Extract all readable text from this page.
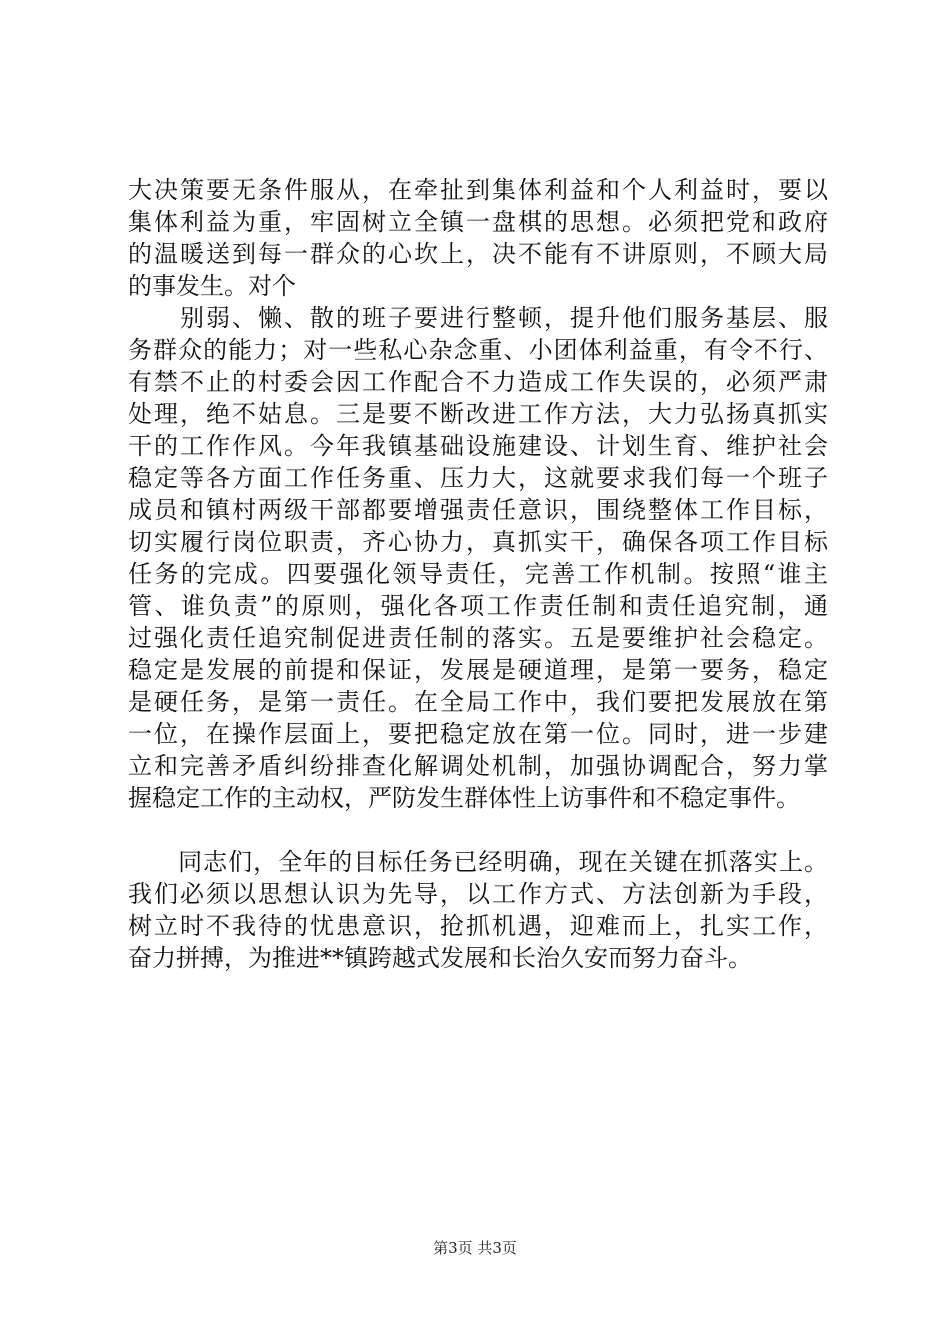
大决策要无条件服从，在牵扯到集体利益和个人利益时，要以
集体利益为重，牢固树立全镇一盘棋的思想。必须把党和政府
的温暖送到每一群众的心坎上，决不能有不讲原则，不顾大局
的事发生。对个
　　别弱、懒、散的班子要进行整顿，提升他们服务基层、服
务群众的能力；对一些私心杂念重、小团体利益重，有令不行、
有禁不止的村委会因工作配合不力造成工作失误的，必须严肃
处理，绝不姑息。三是要不断改进工作方法，大力弘扬真抓实
干的工作作风。今年我镇基础设施建设、计划生育、维护社会
稳定等各方面工作任务重、压力大，这就要求我们每一个班子
成员和镇村两级干部都要增强责任意识，围绕整体工作目标，
切实履行岗位职责，齐心协力，真抓实干，确保各项工作目标
任务的完成。四要强化领导责任，完善工作机制。按照“谁主
管、谁负责”的原则，强化各项工作责任制和责任追究制，通
过强化责任追究制促进责任制的落实。五是要维护社会稳定。
稳定是发展的前提和保证，发展是硬道理，是第一要务，稳定
是硬任务，是第一责任。在全局工作中，我们要把发展放在第
一位，在操作层面上，要把稳定放在第一位。同时，进一步建
立和完善矛盾纠纷排查化解调处机制，加强协调配合，努力掌
握稳定工作的主动权，严防发生群体性上访事件和不稳定事件。
　　同志们，全年的目标任务已经明确，现在关键在抓落实上。
我们必须以思想认识为先导，以工作方式、方法创新为手段，
树立时不我待的忧患意识，抢抓机遇，迎难而上，扎实工作，
奋力拼搏，为推进**镇跨越式发展和长治久安而努力奋斗。
第3页 共3页
